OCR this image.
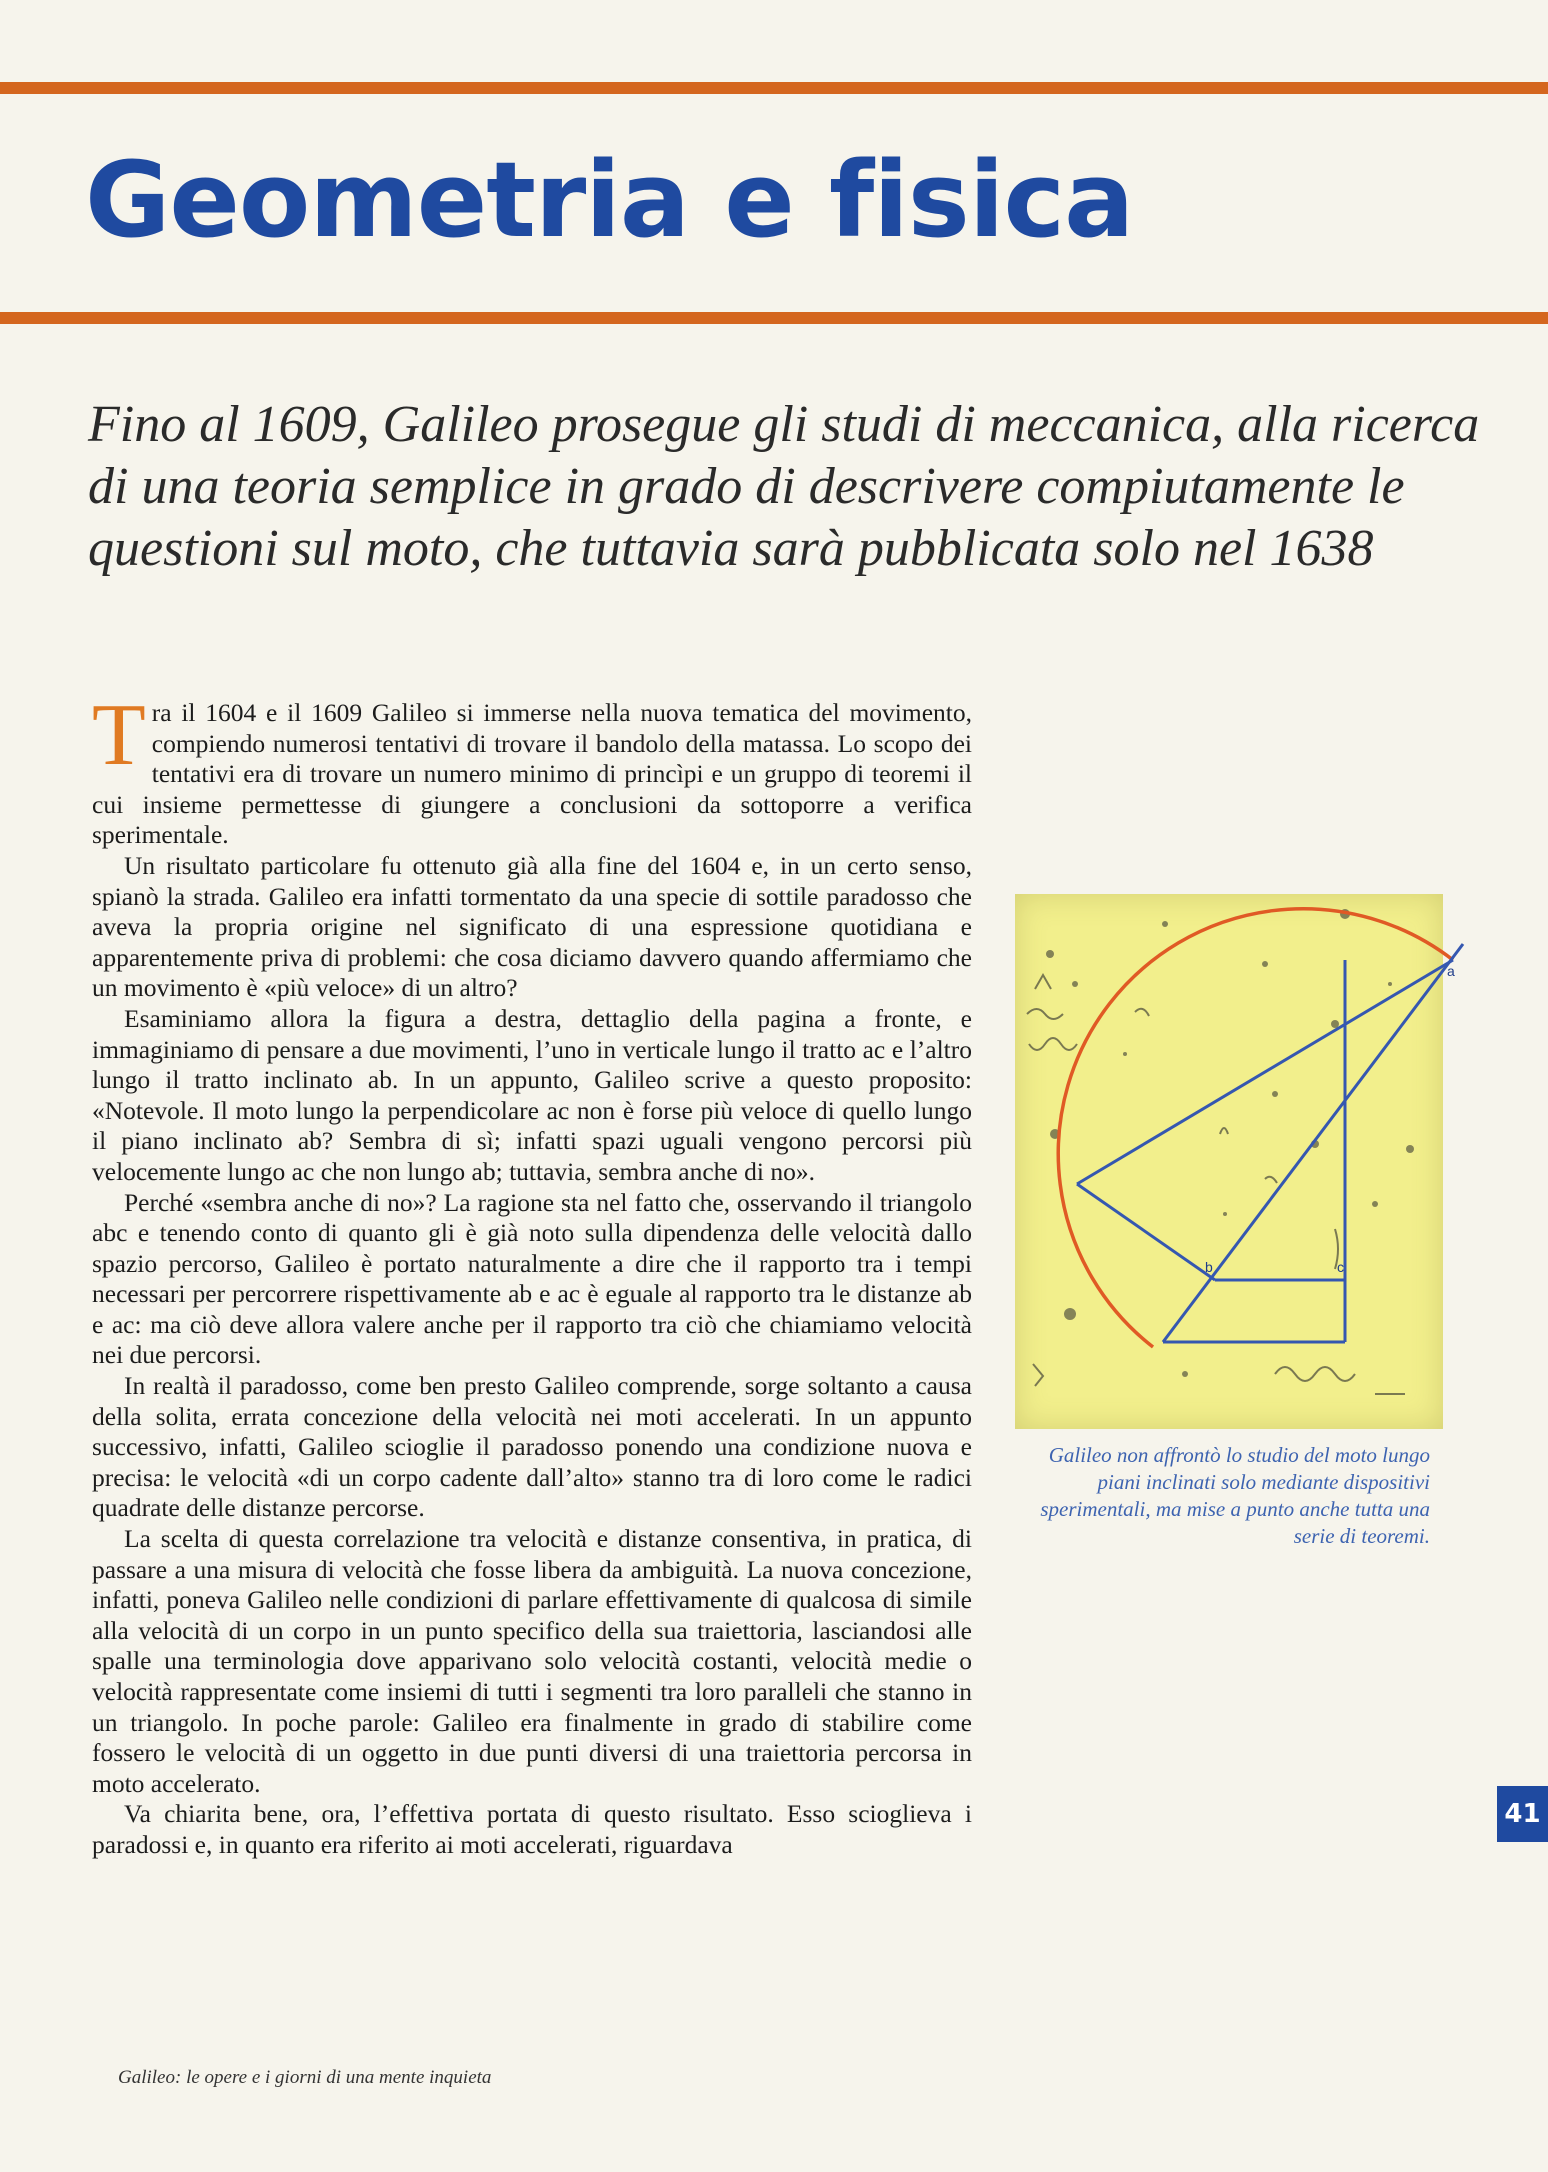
Geometria e fisica

Fino al 1609, Galileo prosegue gli studi di meccanica, alla ricerca di una teoria semplice in grado di descrivere compiutamente le questioni sul moto, che tuttavia sarà pubblicata solo nel 1638

Tra il 1604 e il 1609 Galileo si immerse nella nuova tematica del movimento, compiendo numerosi tentativi di trovare il bandolo della matassa. Lo scopo dei tentativi era di trovare un numero minimo di princìpi e un gruppo di teoremi il cui insieme permettesse di giungere a conclusioni da sottoporre a verifica sperimentale.

Un risultato particolare fu ottenuto già alla fine del 1604 e, in un certo senso, spianò la strada. Galileo era infatti tormentato da una specie di sottile paradosso che aveva la propria origine nel significato di una espressione quotidiana e apparentemente priva di problemi: che cosa diciamo davvero quando affermiamo che un movimento è «più veloce» di un altro?

Esaminiamo allora la figura a destra, dettaglio della pagina a fronte, e immaginiamo di pensare a due movimenti, l’uno in verticale lungo il tratto ac e l’altro lungo il tratto inclinato ab. In un appunto, Galileo scrive a questo proposito: «Notevole. Il moto lungo la perpendicolare ac non è forse più veloce di quello lungo il piano inclinato ab? Sembra di sì; infatti spazi uguali vengono percorsi più velocemente lungo ac che non lungo ab; tuttavia, sembra anche di no».

Perché «sembra anche di no»? La ragione sta nel fatto che, osservando il triangolo abc e tenendo conto di quanto gli è già noto sulla dipendenza delle velocità dallo spazio percorso, Galileo è portato naturalmente a dire che il rapporto tra i tempi necessari per percorrere rispettivamente ab e ac è eguale al rapporto tra le distanze ab e ac: ma ciò deve allora valere anche per il rapporto tra ciò che chiamiamo velocità nei due percorsi.

In realtà il paradosso, come ben presto Galileo comprende, sorge soltanto a causa della solita, errata concezione della velocità nei moti accelerati. In un appunto successivo, infatti, Galileo scioglie il paradosso ponendo una condizione nuova e precisa: le velocità «di un corpo cadente dall’alto» stanno tra di loro come le radici quadrate delle distanze percorse.

La scelta di questa correlazione tra velocità e distanze consentiva, in pratica, di passare a una misura di velocità che fosse libera da ambiguità. La nuova concezione, infatti, poneva Galileo nelle condizioni di parlare effettivamente di qualcosa di simile alla velocità di un corpo in un punto specifico della sua traiettoria, lasciandosi alle spalle una terminologia dove apparivano solo velocità costanti, velocità medie o velocità rappresentate come insiemi di tutti i segmenti tra loro paralleli che stanno in un triangolo. In poche parole: Galileo era finalmente in grado di stabilire come fossero le velocità di un oggetto in due punti diversi di una traiettoria percorsa in moto accelerato.

Va chiarita bene, ora, l’effettiva portata di questo risultato. Esso scioglieva i paradossi e, in quanto era riferito ai moti accelerati, riguardava

a
b	c

Galileo non affrontò lo studio del moto lungo piani inclinati solo mediante dispositivi sperimentali, ma mise a punto anche tutta una serie di teoremi.

41

Galileo: le opere e i giorni di una mente inquieta
